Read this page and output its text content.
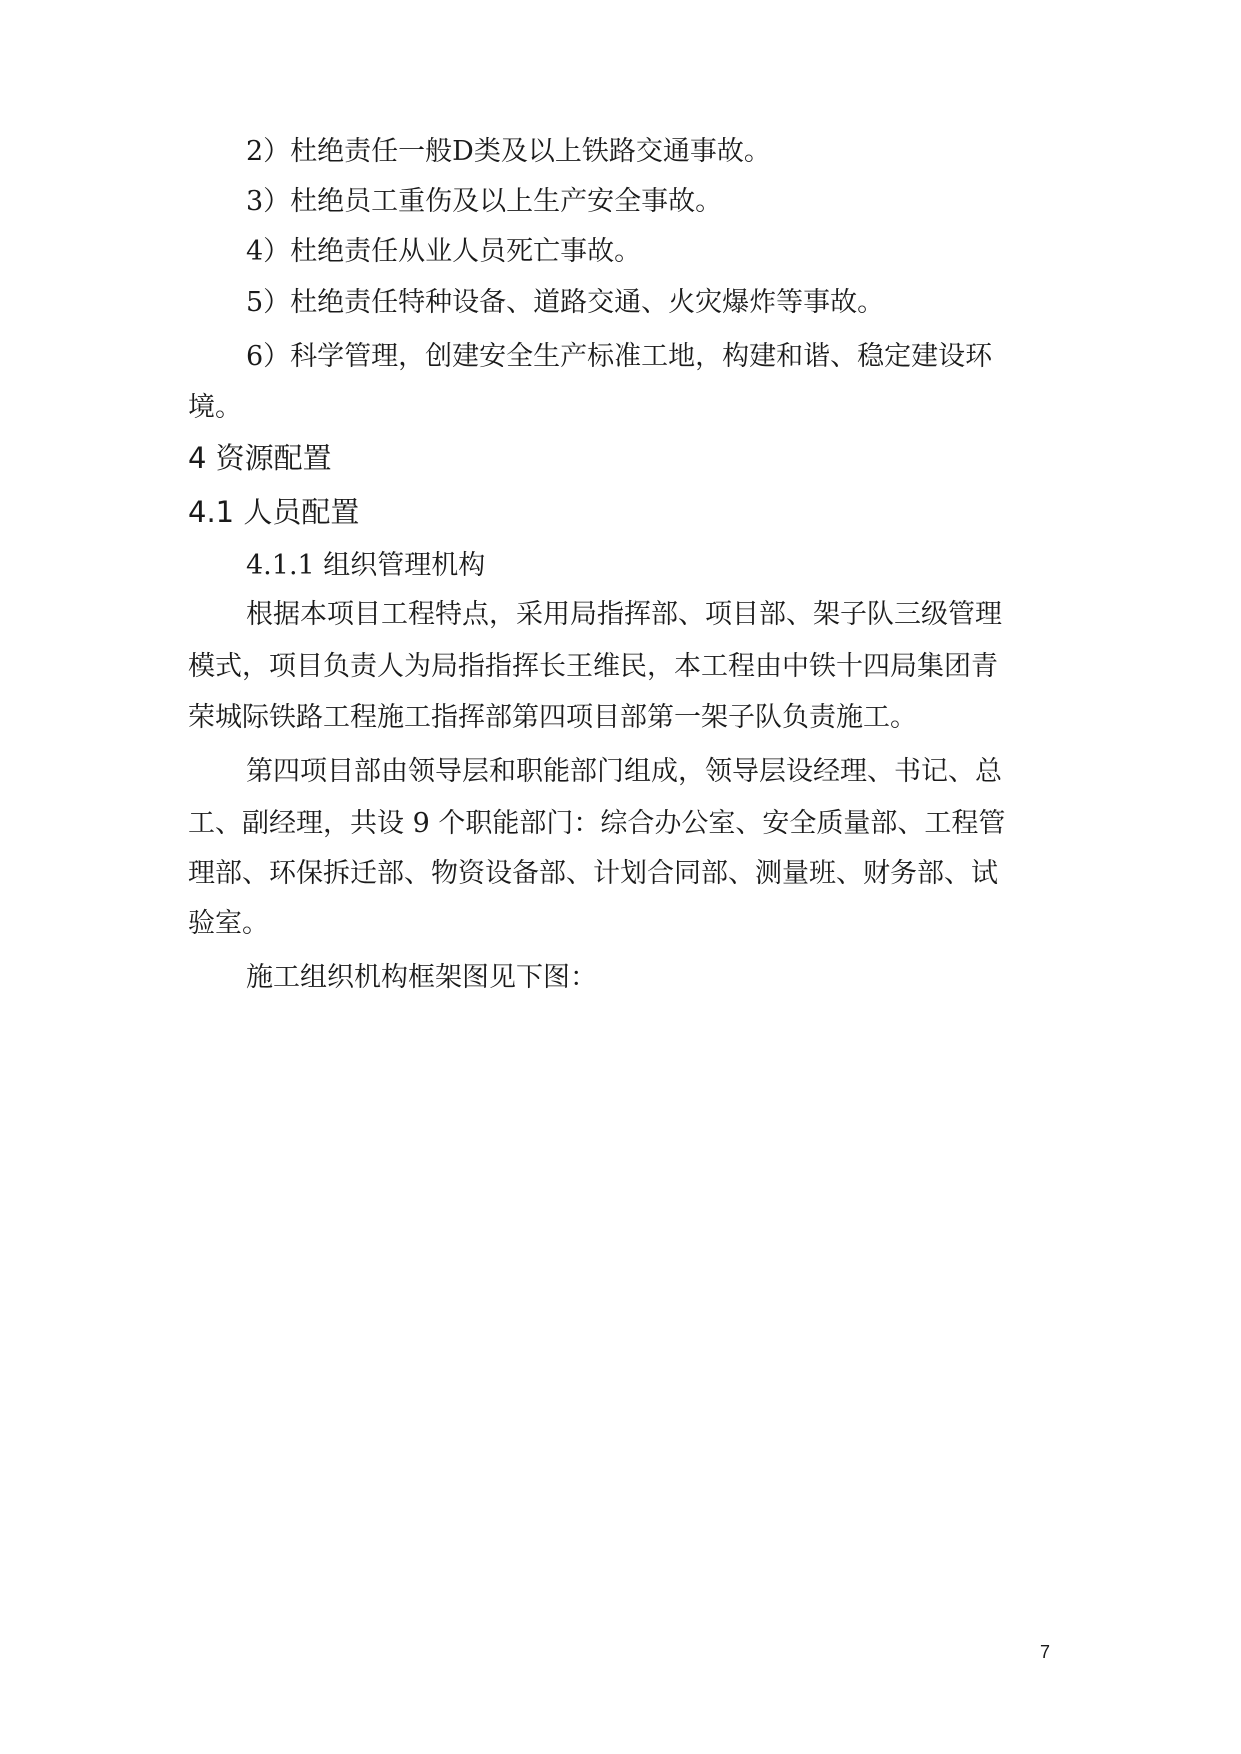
2）杜绝责任一般D类及以上铁路交通事故。

3）杜绝员工重伤及以上生产安全事故。

4）杜绝责任从业人员死亡事故。

5）杜绝责任特种设备、道路交通、火灾爆炸等事故。

6）科学管理，创建安全生产标准工地，构建和谐、稳定建设环

境。

4 资源配置

4.1 人员配置

4.1.1 组织管理机构

根据本项目工程特点，采用局指挥部、项目部、架子队三级管理

模式，项目负责人为局指指挥长王维民，本工程由中铁十四局集团青

荣城际铁路工程施工指挥部第四项目部第一架子队负责施工。

第四项目部由领导层和职能部门组成，领导层设经理、书记、总

工、副经理，共设 9 个职能部门：综合办公室、安全质量部、工程管

理部、环保拆迁部、物资设备部、计划合同部、测量班、财务部、试

验室。

施工组织机构框架图见下图：

7
